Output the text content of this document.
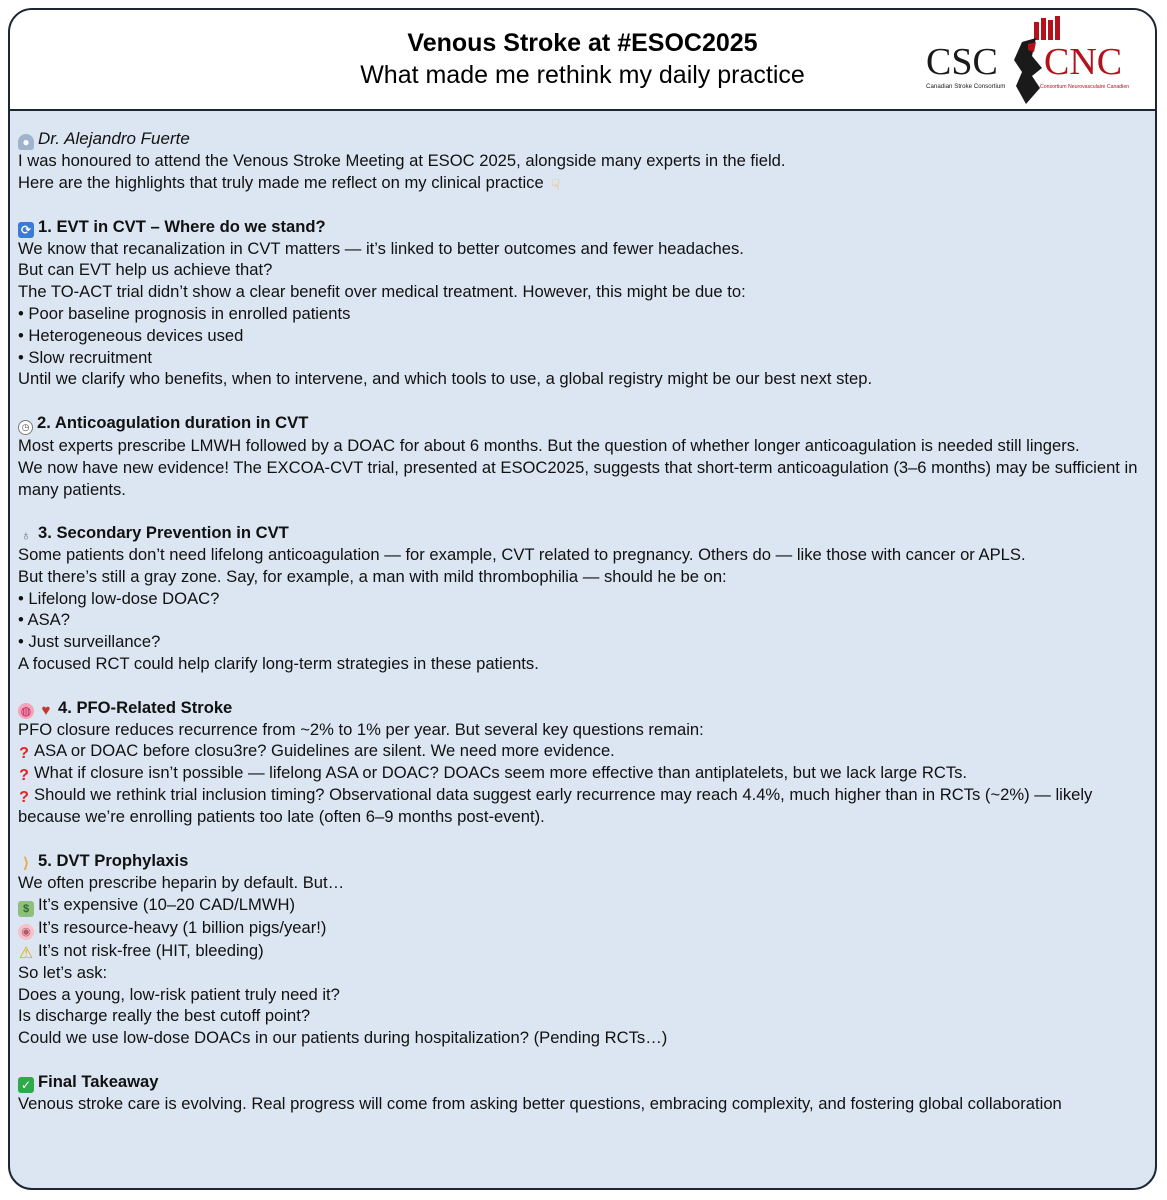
Venous Stroke at #ESOC2025
What made me rethink my daily practice	CSC CNC
Canadian Stroke Consortium	Consortium Neurovasculaire Canadien
● Dr. Alejandro Fuerte
I was honoured to attend the Venous Stroke Meeting at ESOC 2025, alongside many experts in the field.
Here are the highlights that truly made me reflect on my clinical practice ☟
⟳ 1. EVT in CVT – Where do we stand?
We know that recanalization in CVT matters — it’s linked to better outcomes and fewer headaches.
But can EVT help us achieve that?
The TO-ACT trial didn’t show a clear benefit over medical treatment. However, this might be due to:
• Poor baseline prognosis in enrolled patients
• Heterogeneous devices used
• Slow recruitment
Until we clarify who benefits, when to intervene, and which tools to use, a global registry might be our best next step.
◷ 2. Anticoagulation duration in CVT
Most experts prescribe LMWH followed by a DOAC for about 6 months. But the question of whether longer anticoagulation is needed still lingers.
We now have new evidence! The EXCOA-CVT trial, presented at ESOC2025, suggests that short-term anticoagulation (3–6 months) may be sufficient in many patients.
♁ 3. Secondary Prevention in CVT
Some patients don’t need lifelong anticoagulation — for example, CVT related to pregnancy. Others do — like those with cancer or APLS.
But there’s still a gray zone. Say, for example, a man with mild thrombophilia — should he be on:
• Lifelong low-dose DOAC?
• ASA?
• Just surveillance?
A focused RCT could help clarify long-term strategies in these patients.
◍ ♥ 4. PFO-Related Stroke
PFO closure reduces recurrence from ~2% to 1% per year. But several key questions remain:
? ASA or DOAC before closu3re? Guidelines are silent. We need more evidence.
? What if closure isn’t possible — lifelong ASA or DOAC? DOACs seem more effective than antiplatelets, but we lack large RCTs.
? Should we rethink trial inclusion timing? Observational data suggest early recurrence may reach 4.4%, much higher than in RCTs (~2%) — likely because we’re enrolling patients too late (often 6–9 months post-event).
⟩ 5. DVT Prophylaxis
We often prescribe heparin by default. But…
$ It’s expensive (10–20 CAD/LMWH)
◉ It’s resource-heavy (1 billion pigs/year!)
⚠ It’s not risk-free (HIT, bleeding)
So let’s ask:
Does a young, low-risk patient truly need it?
Is discharge really the best cutoff point?
Could we use low-dose DOACs in our patients during hospitalization? (Pending RCTs…)
✓ Final Takeaway
Venous stroke care is evolving. Real progress will come from asking better questions, embracing complexity, and fostering global collaboration
